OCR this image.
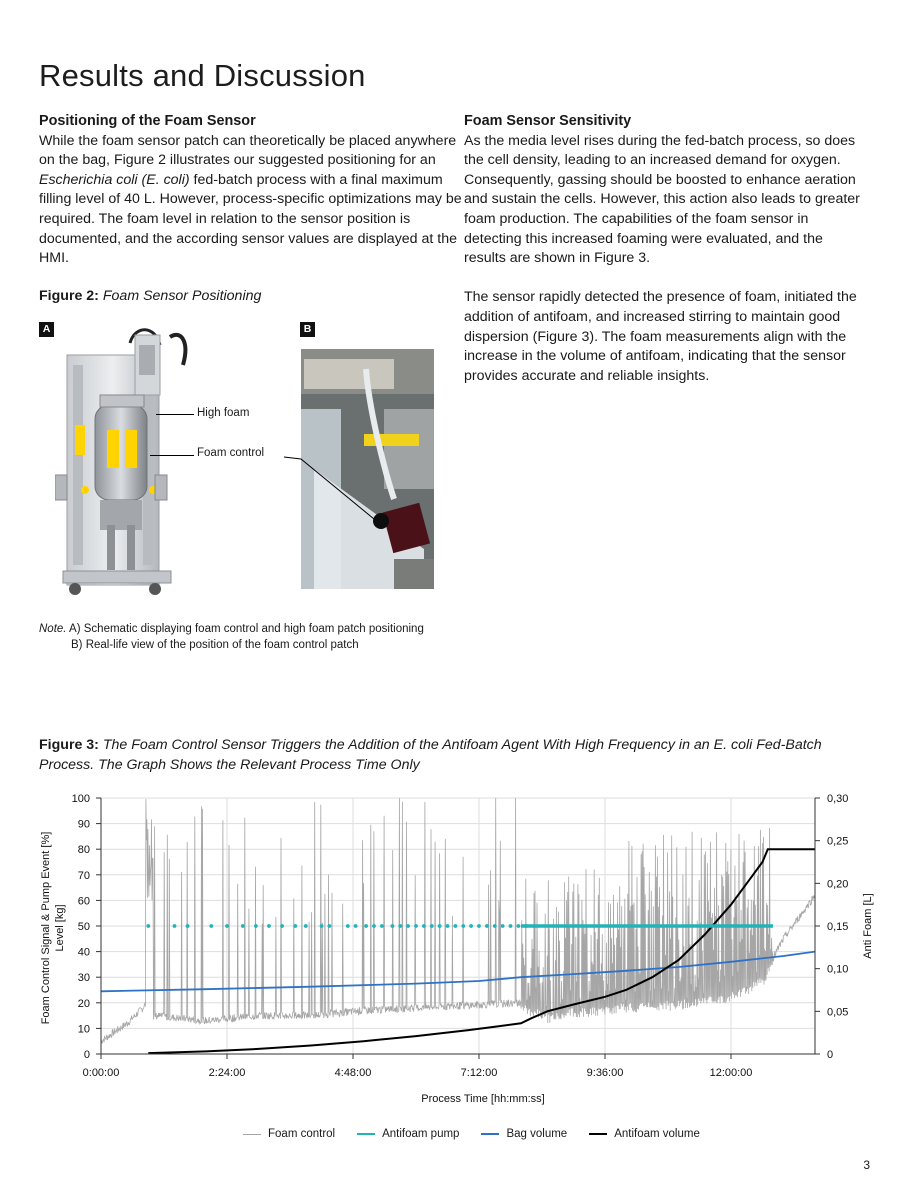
Results and Discussion

Positioning of the Foam Sensor

While the foam sensor patch can theoretically be placed anywhere on the bag, Figure 2 illustrates our suggested positioning for an Escherichia coli (E. coli) fed-batch process with a final maximum filling level of 40 L. However, process-specific optimizations may be required. The foam level in relation to the sensor position is documented, and the according sensor values are displayed at the HMI.

Foam Sensor Sensitivity

As the media level rises during the fed-batch process, so does the cell density, leading to an increased demand for oxygen. Consequently, gassing should be boosted to enhance aeration and sustain the cells. However, this action also leads to greater foam production. The capabilities of the foam sensor in detecting this increased foaming were evaluated, and the results are shown in Figure 3.

The sensor rapidly detected the presence of foam, initiated the addition of antifoam, and increased stirring to maintain good dispersion (Figure 3). The foam measurements align with the increase in the volume of antifoam, indicating that the sensor provides accurate and reliable insights.

Figure 2: Foam Sensor Positioning
A	B
High foam
Foam control
Note. A) Schematic displaying foam control and high foam patch positioning
B) Real-life view of the position of the foam control patch
Figure 3: The Foam Control Sensor Triggers the Addition of the Antifoam Agent With High Frequency in an E. coli Fed-Batch Process. The Graph Shows the Relevant Process Time Only
0
10
20
30
40
50
60
70
80
90
100
0
0,05
0,10
0,15
0,20
0,25
0,30
0:00:00	2:24:00	4:48:00	7:12:00	9:36:00	12:00:00
Foam Control Signal & Pump Event [%] Level [kg]	Anti Foam [L]
Process Time [hh:mm:ss]
Foam control	Antifoam pump	Bag volume	Antifoam volume
3
